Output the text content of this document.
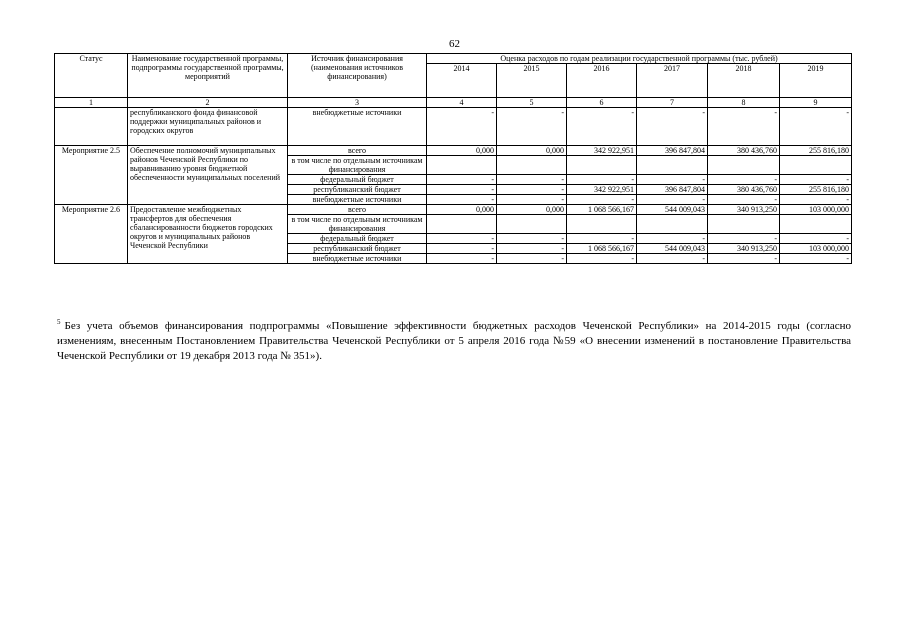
62
Статус	Наименование государственной программы, подпрограммы государственной программы, мероприятий	Источник финансирования (наименования источников финансирования)	Оценка расходов по годам реализации государственной программы (тыс. рублей)					
			2014	2015	2016	2017	2018	2019
1	2	3	4	5	6	7	8	9
	республиканского фонда финансовой поддержки муниципальных районов и городских округов	внебюджетные источники	-	-	-	-	-	-
Мероприятие 2.5	Обеспечение полномочий муниципальных районов Чеченской Республики по выравниванию уровня бюджетной обеспеченности муниципальных поселений	всего	0,000	0,000	342 922,951	396 847,804	380 436,760	255 816,180
		в том числе по отдельным источникам финансирования						
		федеральный бюджет	-	-	-	-	-	-
		республиканский бюджет	-	-	342 922,951	396 847,804	380 436,760	255 816,180
		внебюджетные источники	-	-	-	-	-	-
Мероприятие 2.6	Предоставление межбюджетных трансфертов для обеспечения сбалансированности бюджетов городских округов и муниципальных районов Чеченской Республики	всего	0,000	0,000	1 068 566,167	544 009,043	340 913,250	103 000,000
		в том числе по отдельным источникам финансирования						
		федеральный бюджет	-	-	-	-	-	-
		республиканский бюджет	-	-	1 068 566,167	544 009,043	340 913,250	103 000,000
		внебюджетные источники	-	-	-	-	-	-
$^5$ Без учета объемов финансирования подпрограммы «Повышение эффективности бюджетных расходов Чеченской Республики» на 2014-2015 годы (согласно изменениям, внесенным Постановлением Правительства Чеченской Республики от 5 апреля 2016 года №59 «О внесении изменений в постановление Правительства Чеченской Республики от 19 декабря 2013 года № 351»).
